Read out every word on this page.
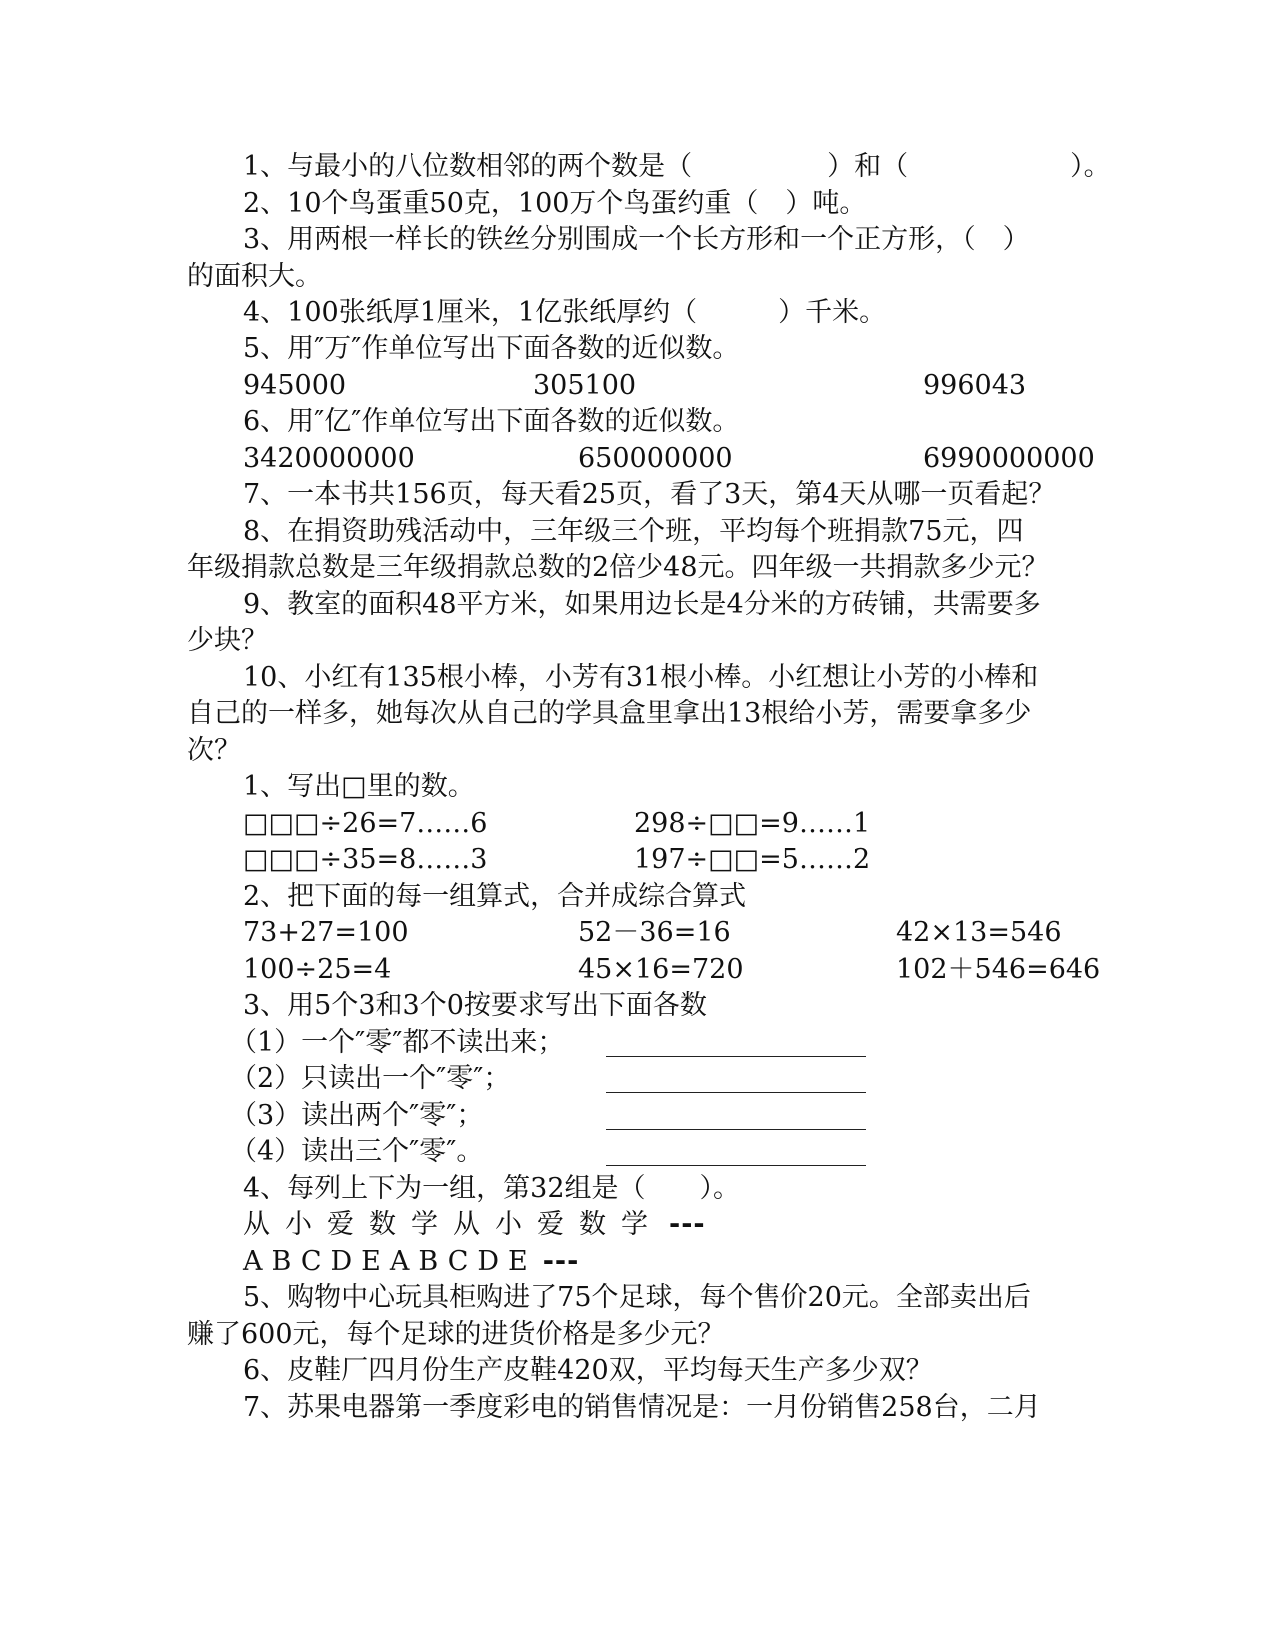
1、与最小的八位数相邻的两个数是（　　　　　）和（　　　　　　）。
2、10个鸟蛋重50克，100万个鸟蛋约重（　）吨。
3、用两根一样长的铁丝分别围成一个长方形和一个正方形，（　）
的面积大。
4、100张纸厚1厘米，1亿张纸厚约（　　　）千米。
5、用″万″作单位写出下面各数的近似数。
945000	305100	996043
6、用″亿″作单位写出下面各数的近似数。
3420000000	650000000	6990000000
7、一本书共156页，每天看25页，看了3天，第4天从哪一页看起？
8、在捐资助残活动中，三年级三个班，平均每个班捐款75元，四
年级捐款总数是三年级捐款总数的2倍少48元。四年级一共捐款多少元？
9、教室的面积48平方米，如果用边长是4分米的方砖铺，共需要多
少块？
10、小红有135根小棒，小芳有31根小棒。小红想让小芳的小棒和
自己的一样多，她每次从自己的学具盒里拿出13根给小芳，需要拿多少
次？
1、写出□里的数。
□□□÷26=7……6	298÷□□=9……1
□□□÷35=8……3	197÷□□=5……2
2、把下面的每一组算式，合并成综合算式
73+27=100	52－36=16	42×13=546
100÷25=4	45×16=720	102＋546=646
3、用5个3和3个0按要求写出下面各数
（1）一个″零″都不读出来；
（2）只读出一个″零″；
（3）读出两个″零″；
（4）读出三个″零″。
4、每列上下为一组，第32组是（　　）。
从小爱数学从小爱数学 ---
ABCDEABCDE ---
5、购物中心玩具柜购进了75个足球，每个售价20元。全部卖出后
赚了600元，每个足球的进货价格是多少元？
6、皮鞋厂四月份生产皮鞋420双，平均每天生产多少双？
7、苏果电器第一季度彩电的销售情况是：一月份销售258台，二月
